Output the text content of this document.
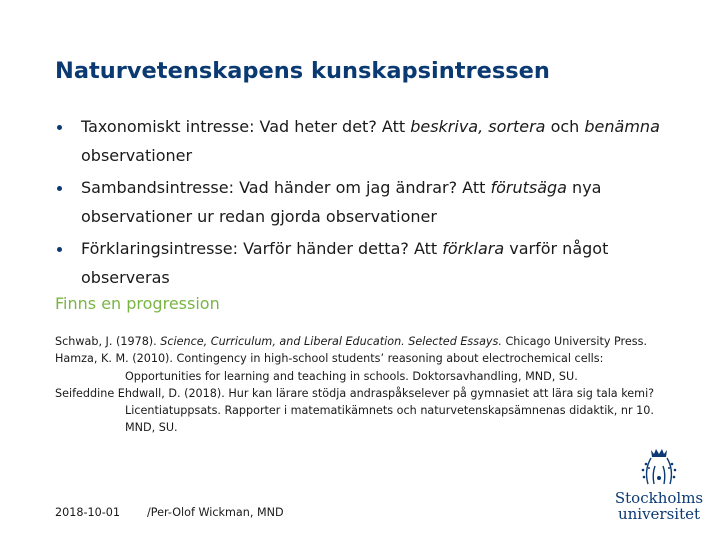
Naturvetenskapens kunskapsintressen
Taxonomiskt intresse: Vad heter det? Att beskriva, sortera och benämna observationer
Sambandsintresse: Vad händer om jag ändrar? Att förutsäga nya observationer ur redan gjorda observationer
Förklaringsintresse: Varför händer detta? Att förklara varför något observeras
Finns en progression

Schwab, J. (1978). Science, Curriculum, and Liberal Education. Selected Essays. Chicago University Press.

Hamza, K. M. (2010). Contingency in high-school students’ reasoning about electrochemical cells: Opportunities for learning and teaching in schools. Doktorsavhandling, MND, SU.

Seifeddine Ehdwall, D. (2018). Hur kan lärare stödja andraspåkselever på gymnasiet att lära sig tala kemi? Licentiatuppsats. Rapporter i matematikämnets och naturvetenskapsämnenas didaktik, nr 10. MND, SU.

2018-10-01 /Per-Olof Wickman, MND
Stockholms
universitet
